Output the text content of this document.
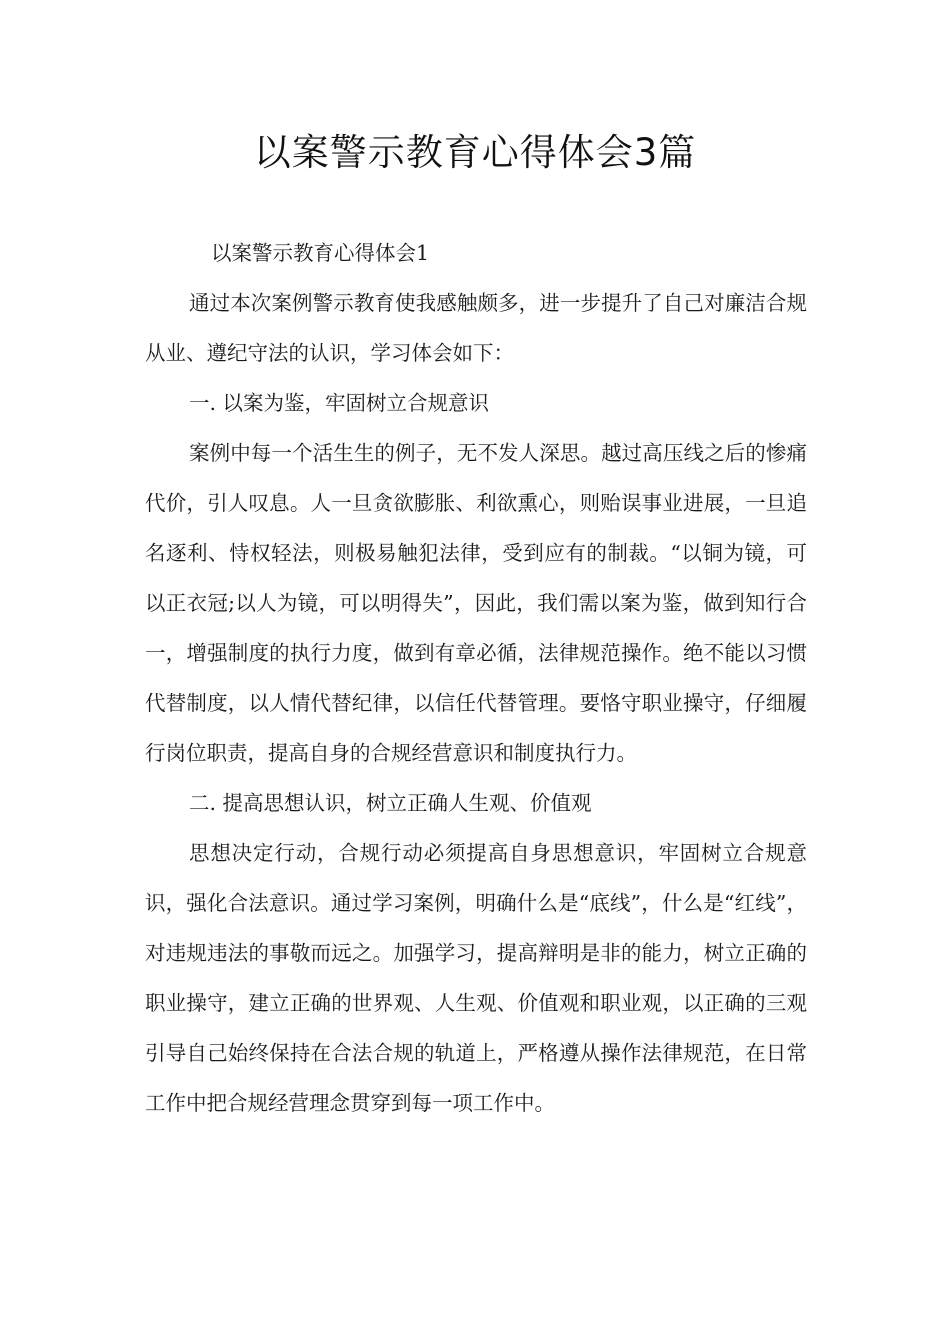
以案警示教育心得体会3篇

以案警示教育心得体会1

通过本次案例警示教育使我感触颇多，进一步提升了自己对廉洁合规从业、遵纪守法的认识，学习体会如下：

一. 以案为鉴，牢固树立合规意识

案例中每一个活生生的例子，无不发人深思。越过高压线之后的惨痛代价，引人叹息。人一旦贪欲膨胀、利欲熏心，则贻误事业进展，一旦追名逐利、恃权轻法，则极易触犯法律，受到应有的制裁。“以铜为镜，可以正衣冠;以人为镜，可以明得失”，因此，我们需以案为鉴，做到知行合一，增强制度的执行力度，做到有章必循，法律规范操作。绝不能以习惯代替制度，以人情代替纪律，以信任代替管理。要恪守职业操守，仔细履行岗位职责，提高自身的合规经营意识和制度执行力。

二. 提高思想认识，树立正确人生观、价值观

思想决定行动，合规行动必须提高自身思想意识，牢固树立合规意识，强化合法意识。通过学习案例，明确什么是“底线”，什么是“红线”，对违规违法的事敬而远之。加强学习，提高辩明是非的能力，树立正确的职业操守，建立正确的世界观、人生观、价值观和职业观，以正确的三观引导自己始终保持在合法合规的轨道上，严格遵从操作法律规范，在日常工作中把合规经营理念贯穿到每一项工作中。
